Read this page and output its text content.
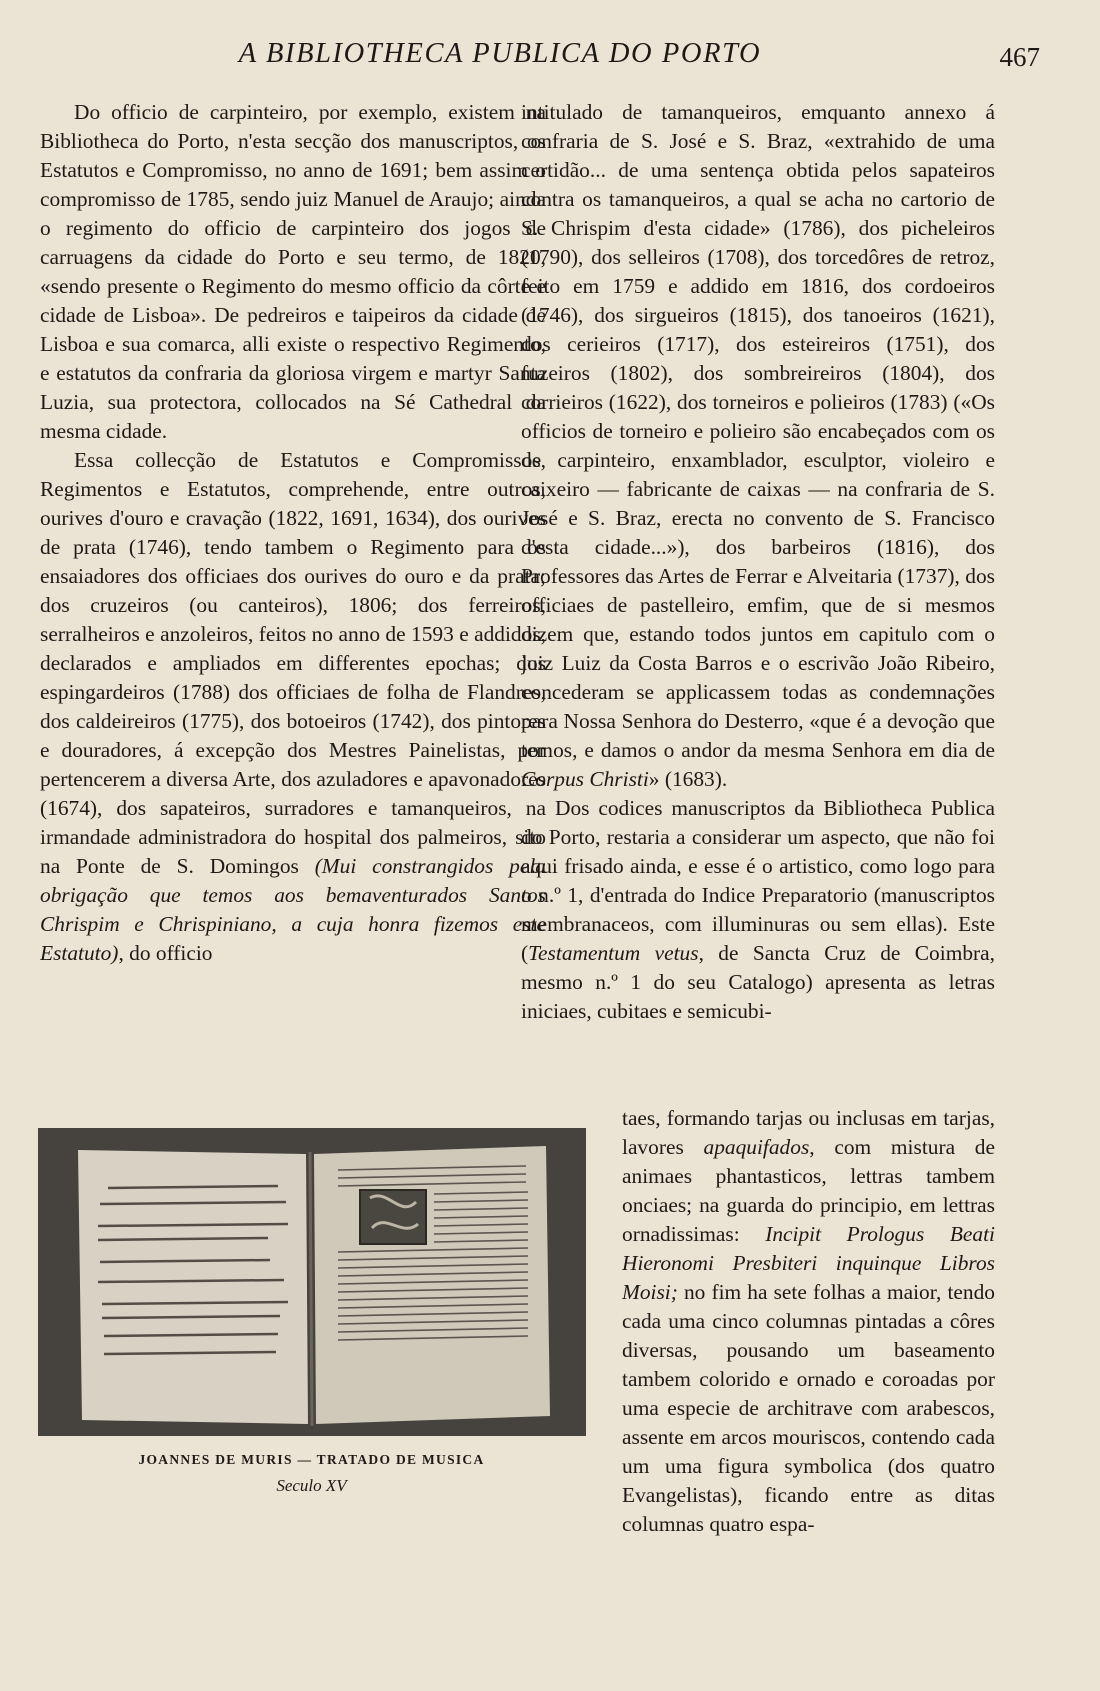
A BIBLIOTHECA PUBLICA DO PORTO	467

Do officio de carpinteiro, por exemplo, existem na Bibliotheca do Porto, n'esta secção dos manuscriptos, os Estatutos e Compromisso, no anno de 1691; bem assim o compromisso de 1785, sendo juiz Manuel de Araujo; ainda o regimento do officio de carpinteiro dos jogos de carruagens da cidade do Porto e seu termo, de 1820, «sendo presente o Regimento do mesmo officio da côrte e cidade de Lisboa». De pedreiros e taipeiros da cidade de Lisboa e sua comarca, alli existe o respectivo Regimento, e estatutos da confraria da gloriosa virgem e martyr Santa Luzia, sua protectora, collocados na Sé Cathedral da mesma cidade.

Essa collecção de Estatutos e Compromissos, Regimentos e Estatutos, comprehende, entre outros, ourives d'ouro e cravação (1822, 1691, 1634), dos ourives de prata (1746), tendo tambem o Regimento para os ensaiadores dos officiaes dos ourives do ouro e da prata; dos cruzeiros (ou canteiros), 1806; dos ferreiros, serralheiros e anzoleiros, feitos no anno de 1593 e addidos, declarados e ampliados em differentes epochas; dos espingardeiros (1788) dos officiaes de folha de Flandres, dos caldeireiros (1775), dos botoeiros (1742), dos pintores e douradores, á excepção dos Mestres Painelistas, por pertencerem a diversa Arte, dos azuladores e apavonadores (1674), dos sapateiros, surradores e tamanqueiros, na irmandade administradora do hospital dos palmeiros, sito na Ponte de S. Domingos (Mui constrangidos pela obrigação que temos aos bemaventurados Santos Chrispim e Chrispiniano, a cuja honra fizemos este Estatuto), do officio

intitulado de tamanqueiros, emquanto annexo á confraria de S. José e S. Braz, «extrahido de uma certidão... de uma sentença obtida pelos sapateiros contra os tamanqueiros, a qual se acha no cartorio de S. Chrispim d'esta cidade» (1786), dos picheleiros (1790), dos selleiros (1708), dos torcedôres de retroz, feito em 1759 e addido em 1816, dos cordoeiros (1746), dos sirgueiros (1815), dos tanoeiros (1621), dos cerieiros (1717), dos esteireiros (1751), dos fuzeiros (1802), dos sombreireiros (1804), dos corrieiros (1622), dos torneiros e polieiros (1783) («Os officios de torneiro e polieiro são encabeçados com os de carpinteiro, enxamblador, esculptor, violeiro e caixeiro — fabricante de caixas — na confraria de S. José e S. Braz, erecta no convento de S. Francisco d'esta cidade...»), dos barbeiros (1816), dos Professores das Artes de Ferrar e Alveitaria (1737), dos officiaes de pastelleiro, emfim, que de si mesmos dizem que, estando todos juntos em capitulo com o juiz Luiz da Costa Barros e o escrivão João Ribeiro, concederam se applicassem todas as condemnações para Nossa Senhora do Desterro, «que é a devoção que temos, e damos o andor da mesma Senhora em dia de Corpus Christi» (1683).

Dos codices manuscriptos da Bibliotheca Publica do Porto, restaria a considerar um aspecto, que não foi aqui frisado ainda, e esse é o artistico, como logo para o n.º 1, d'entrada do Indice Preparatorio (manuscriptos membranaceos, com illuminuras ou sem ellas). Este (Testamentum vetus, de Sancta Cruz de Coimbra, mesmo n.º 1 do seu Catalogo) apresenta as letras iniciaes, cubitaes e semicubi-

JOANNES DE MURIS — TRATADO DE MUSICA
Seculo XV

taes, formando tarjas ou inclusas em tarjas, lavores apaquifados, com mistura de animaes phantasticos, lettras tambem onciaes; na guarda do principio, em lettras ornadissimas: Incipit Prologus Beati Hieronomi Presbiteri inquinque Libros Moisi; no fim ha sete folhas a maior, tendo cada uma cinco columnas pintadas a côres diversas, pousando um baseamento tambem colorido e ornado e coroadas por uma especie de architrave com arabescos, assente em arcos mouriscos, contendo cada um uma figura symbolica (dos quatro Evangelistas), ficando entre as ditas columnas quatro espa-
